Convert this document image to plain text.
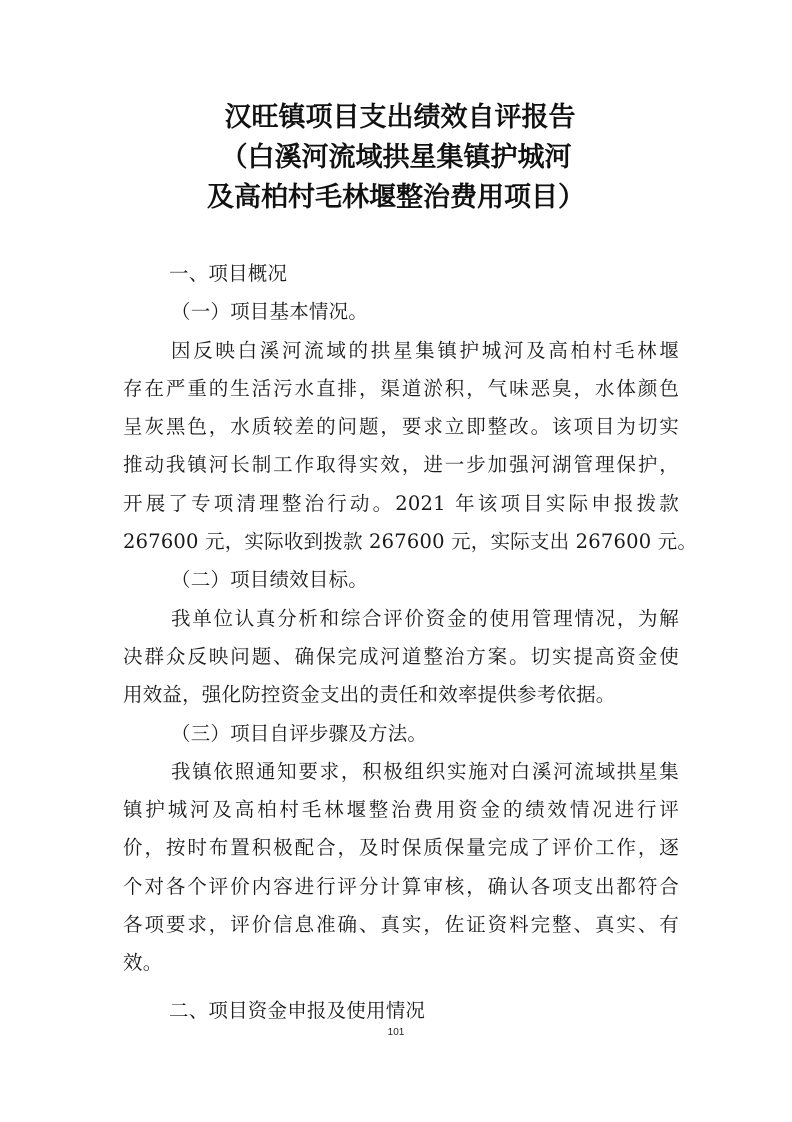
汉旺镇项目支出绩效自评报告
（白溪河流域拱星集镇护城河
及高柏村毛林堰整治费用项目）
一、项目概况
（一）项目基本情况。
因反映白溪河流域的拱星集镇护城河及高柏村毛林堰
存在严重的生活污水直排，渠道淤积，气味恶臭，水体颜色
呈灰黑色，水质较差的问题，要求立即整改。该项目为切实
推动我镇河长制工作取得实效，进一步加强河湖管理保护，
开展了专项清理整治行动。2021 年该项目实际申报拨款
267600 元，实际收到拨款 267600 元，实际支出 267600 元。
（二）项目绩效目标。
我单位认真分析和综合评价资金的使用管理情况，为解
决群众反映问题、确保完成河道整治方案。切实提高资金使
用效益，强化防控资金支出的责任和效率提供参考依据。
（三）项目自评步骤及方法。
我镇依照通知要求，积极组织实施对白溪河流域拱星集
镇护城河及高柏村毛林堰整治费用资金的绩效情况进行评
价，按时布置积极配合，及时保质保量完成了评价工作，逐
个对各个评价内容进行评分计算审核，确认各项支出都符合
各项要求，评价信息准确、真实，佐证资料完整、真实、有
效。
二、项目资金申报及使用情况
101
